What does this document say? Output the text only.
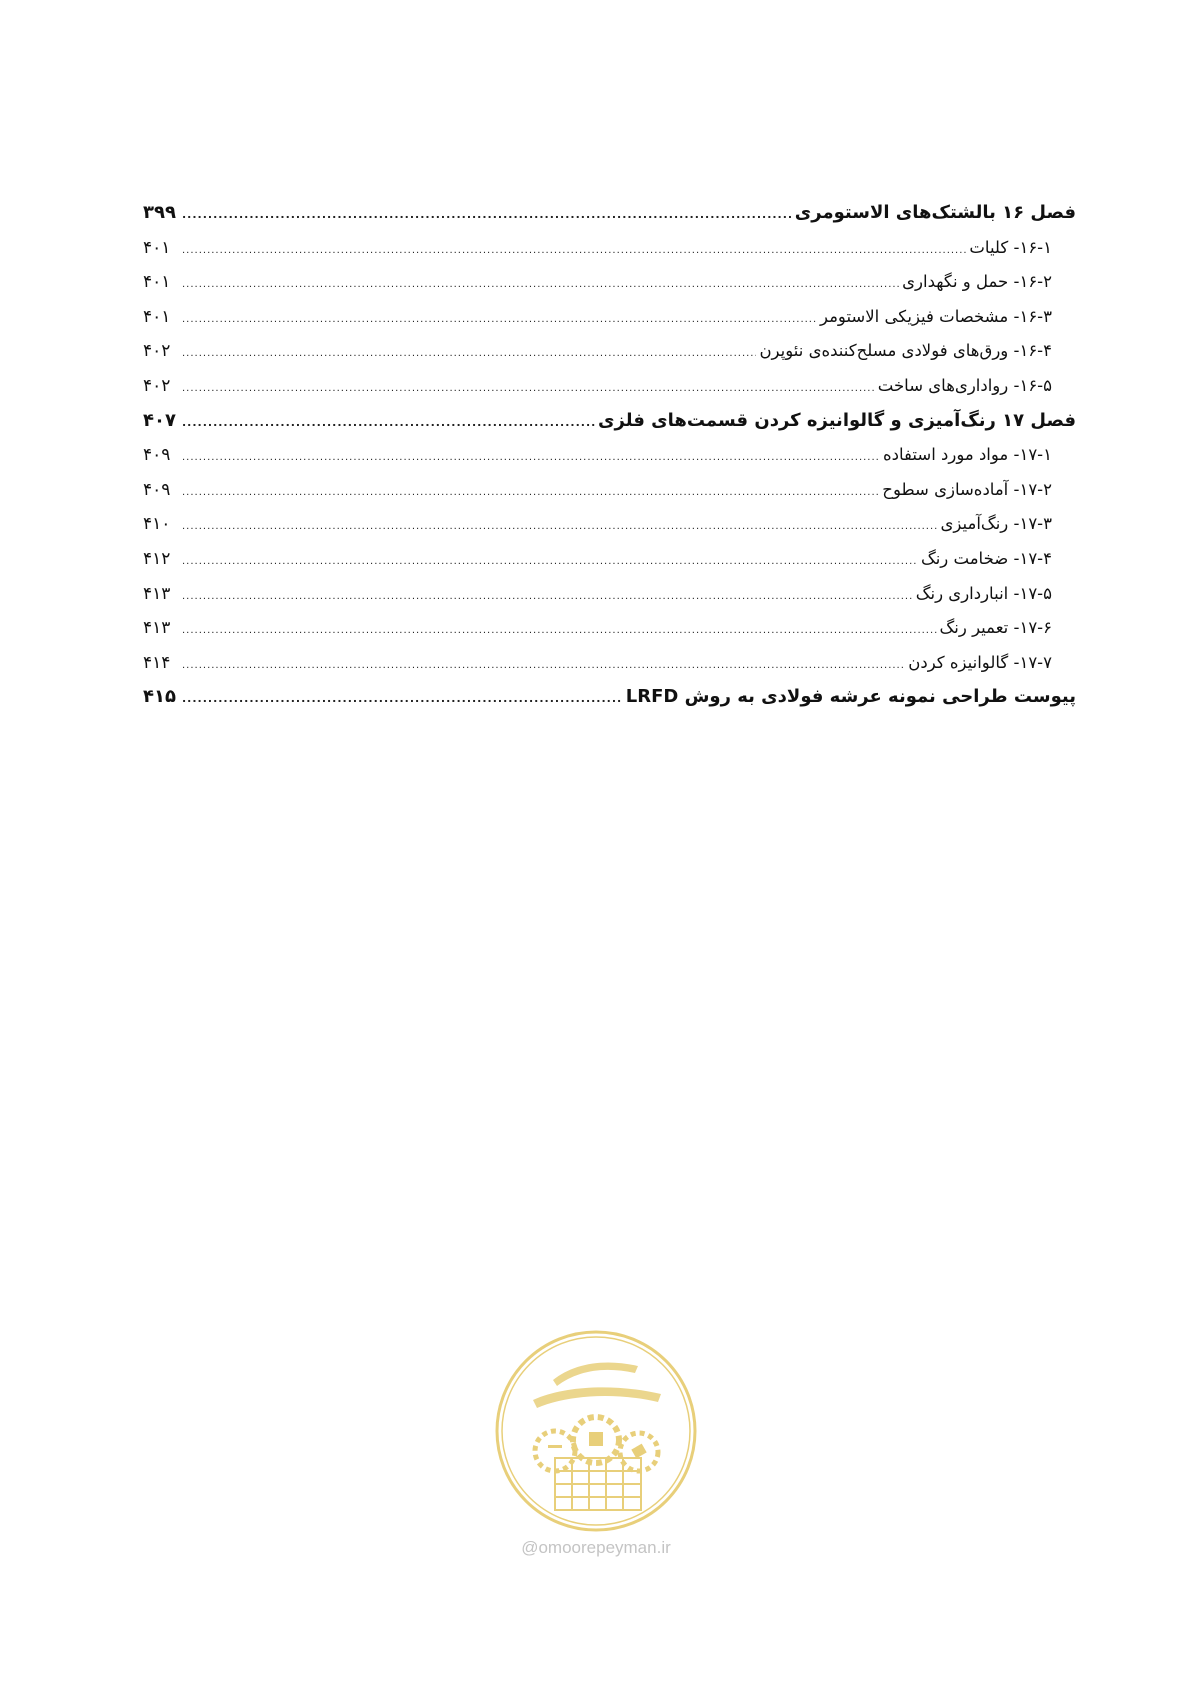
فصل ۱۶ بالشتک‌های الاستومری
.....
۳۹۹
۱۶-۱- کلیات
.....
۴۰۱
۱۶-۲- حمل و نگهداری
.....
۴۰۱
۱۶-۳- مشخصات فیزیکی الاستومر
.....
۴۰۱
۱۶-۴- ورق‌های فولادی مسلح‌کننده‌ی نئوپرن
.....
۴۰۲
۱۶-۵- رواداری‌های ساخت
.....
۴۰۲
فصل ۱۷ رنگ‌آمیزی و گالوانیزه کردن قسمت‌های فلزی
.....
۴۰۷
۱۷-۱- مواد مورد استفاده
.....
۴۰۹
۱۷-۲- آماده‌سازی سطوح
.....
۴۰۹
۱۷-۳- رنگ‌آمیزی
.....
۴۱۰
۱۷-۴- ضخامت رنگ
.....
۴۱۲
۱۷-۵- انبارداری رنگ
.....
۴۱۳
۱۷-۶- تعمیر رنگ
.....
۴۱۳
۱۷-۷- گالوانیزه کردن
.....
۴۱۴
پیوست طراحی نمونه عرشه فولادی به روش LRFD
.....
۴۱۵
@omoorepeyman.ir
